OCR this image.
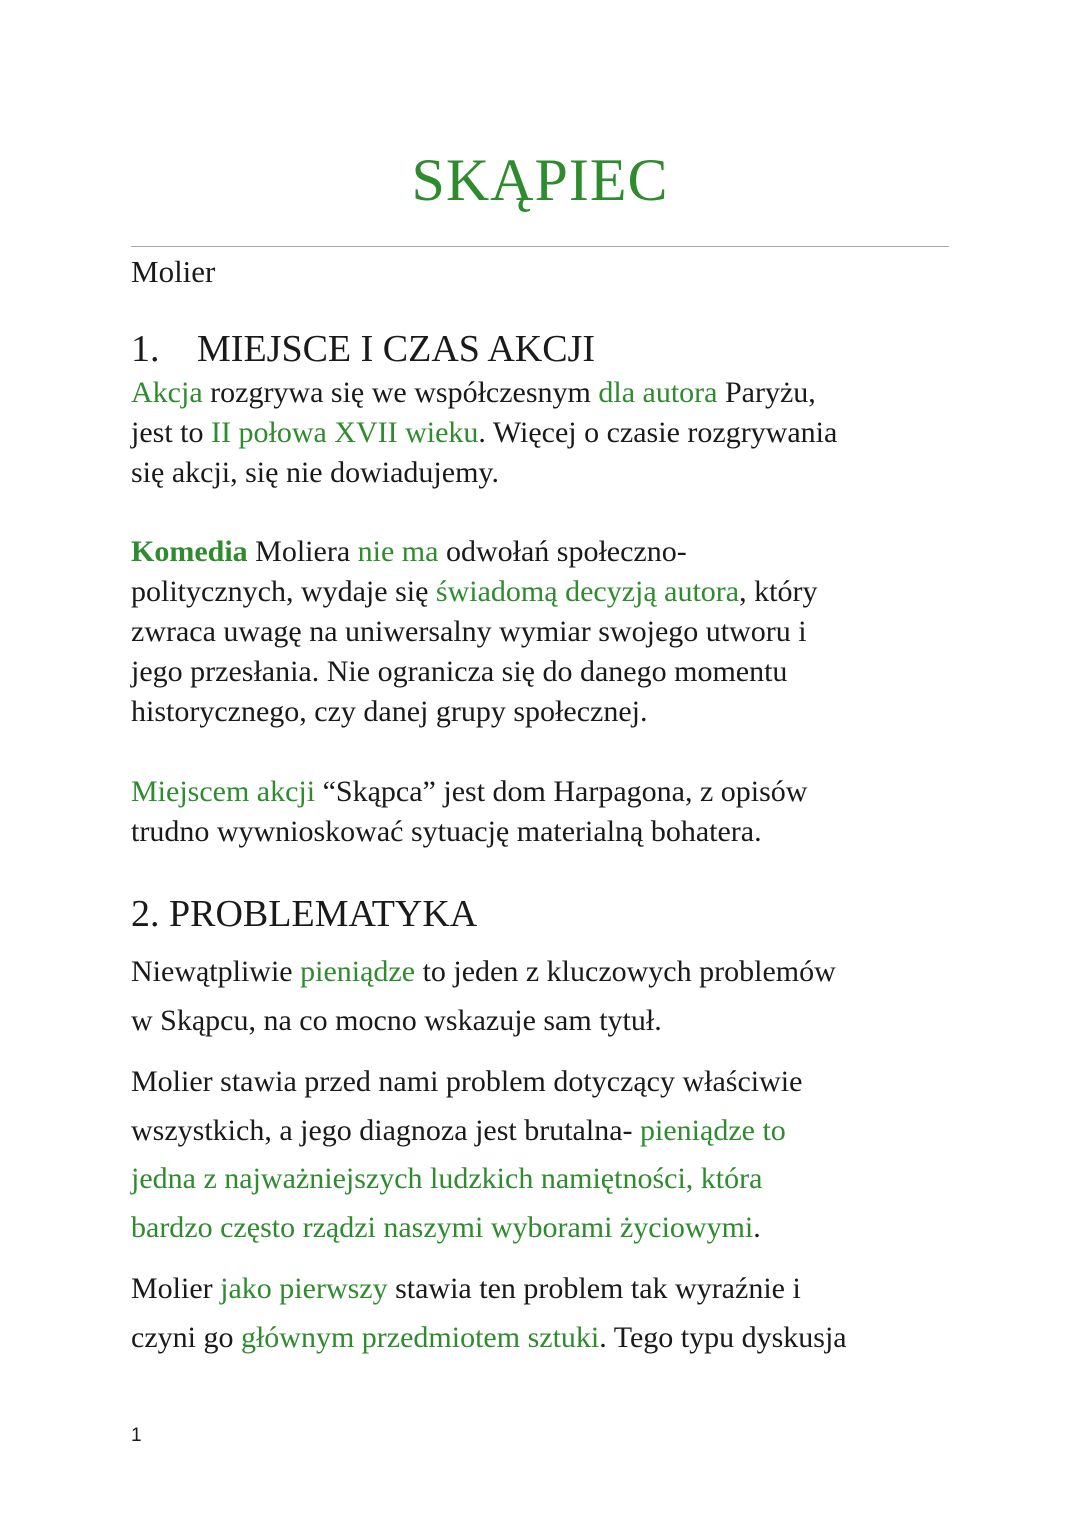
SKĄPIEC
Molier
1. MIEJSCE I CZAS AKCJI
Akcja rozgrywa się we współczesnym dla autora Paryżu,
jest to II połowa XVII wieku. Więcej o czasie rozgrywania
się akcji, się nie dowiadujemy.
Komedia Moliera nie ma odwołań społeczno-
politycznych, wydaje się świadomą decyzją autora, który
zwraca uwagę na uniwersalny wymiar swojego utworu i
jego przesłania. Nie ogranicza się do danego momentu
historycznego, czy danej grupy społecznej.
Miejscem akcji “Skąpca” jest dom Harpagona, z opisów
trudno wywnioskować sytuację materialną bohatera.
2. PROBLEMATYKA
Niewątpliwie pieniądze to jeden z kluczowych problemów
w Skąpcu, na co mocno wskazuje sam tytuł.
Molier stawia przed nami problem dotyczący właściwie
wszystkich, a jego diagnoza jest brutalna- pieniądze to
jedna z najważniejszych ludzkich namiętności, która
bardzo często rządzi naszymi wyborami życiowymi.
Molier jako pierwszy stawia ten problem tak wyraźnie i
czyni go głównym przedmiotem sztuki. Tego typu dyskusja
1
